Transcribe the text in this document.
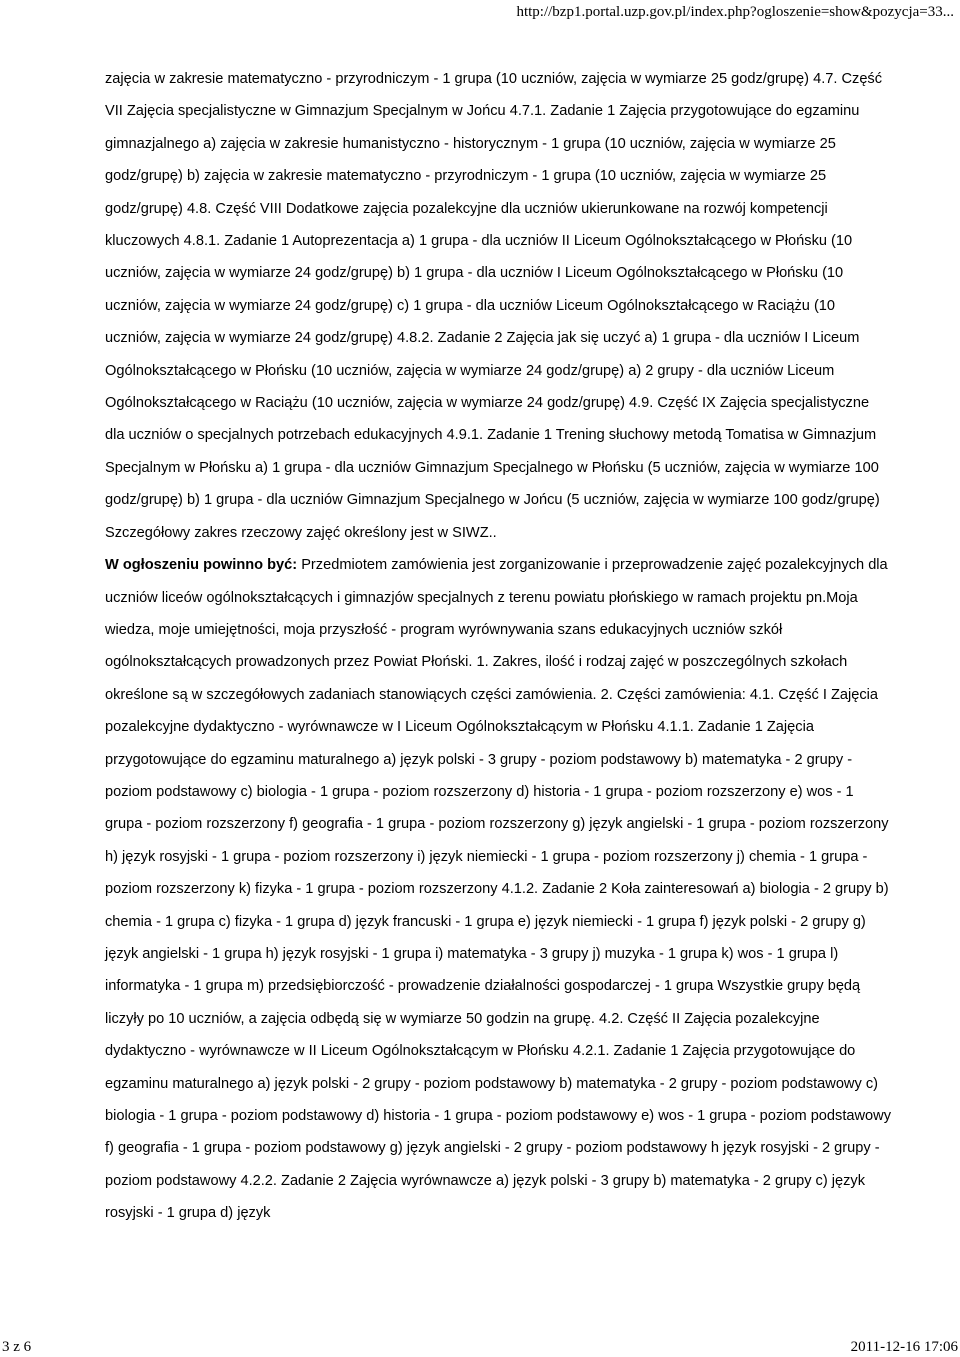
http://bzp1.portal.uzp.gov.pl/index.php?ogloszenie=show&pozycja=33...

zajęcia w zakresie matematyczno - przyrodniczym - 1 grupa (10 uczniów, zajęcia w wymiarze 25 godz/grupę) 4.7. Część VII Zajęcia specjalistyczne w Gimnazjum Specjalnym w Jońcu 4.7.1. Zadanie 1 Zajęcia przygotowujące do egzaminu gimnazjalnego a) zajęcia w zakresie humanistyczno - historycznym - 1 grupa (10 uczniów, zajęcia w wymiarze 25 godz/grupę) b) zajęcia w zakresie matematyczno - przyrodniczym - 1 grupa (10 uczniów, zajęcia w wymiarze 25 godz/grupę) 4.8. Część VIII Dodatkowe zajęcia pozalekcyjne dla uczniów ukierunkowane na rozwój kompetencji kluczowych 4.8.1. Zadanie 1 Autoprezentacja a) 1 grupa - dla uczniów II Liceum Ogólnokształcącego w Płońsku (10 uczniów, zajęcia w wymiarze 24 godz/grupę) b) 1 grupa - dla uczniów I Liceum Ogólnokształcącego w Płońsku (10 uczniów, zajęcia w wymiarze 24 godz/grupę) c) 1 grupa - dla uczniów Liceum Ogólnokształcącego w Raciążu (10 uczniów, zajęcia w wymiarze 24 godz/grupę) 4.8.2. Zadanie 2 Zajęcia jak się uczyć a) 1 grupa - dla uczniów I Liceum Ogólnokształcącego w Płońsku (10 uczniów, zajęcia w wymiarze 24 godz/grupę) a) 2 grupy - dla uczniów Liceum Ogólnokształcącego w Raciążu (10 uczniów, zajęcia w wymiarze 24 godz/grupę) 4.9. Część IX Zajęcia specjalistyczne dla uczniów o specjalnych potrzebach edukacyjnych 4.9.1. Zadanie 1 Trening słuchowy metodą Tomatisa w Gimnazjum Specjalnym w Płońsku a) 1 grupa - dla uczniów Gimnazjum Specjalnego w Płońsku (5 uczniów, zajęcia w wymiarze 100 godz/grupę) b) 1 grupa - dla uczniów Gimnazjum Specjalnego w Jońcu (5 uczniów, zajęcia w wymiarze 100 godz/grupę) Szczegółowy zakres rzeczowy zajęć określony jest w SIWZ..

W ogłoszeniu powinno być: Przedmiotem zamówienia jest zorganizowanie i przeprowadzenie zajęć pozalekcyjnych dla uczniów liceów ogólnokształcących i gimnazjów specjalnych z terenu powiatu płońskiego w ramach projektu pn.Moja wiedza, moje umiejętności, moja przyszłość - program wyrównywania szans edukacyjnych uczniów szkół ogólnokształcących prowadzonych przez Powiat Płoński. 1. Zakres, ilość i rodzaj zajęć w poszczególnych szkołach określone są w szczegółowych zadaniach stanowiących części zamówienia. 2. Części zamówienia: 4.1. Część I Zajęcia pozalekcyjne dydaktyczno - wyrównawcze w I Liceum Ogólnokształcącym w Płońsku 4.1.1. Zadanie 1 Zajęcia przygotowujące do egzaminu maturalnego a) język polski - 3 grupy - poziom podstawowy b) matematyka - 2 grupy - poziom podstawowy c) biologia - 1 grupa - poziom rozszerzony d) historia - 1 grupa - poziom rozszerzony e) wos - 1 grupa - poziom rozszerzony f) geografia - 1 grupa - poziom rozszerzony g) język angielski - 1 grupa - poziom rozszerzony h) język rosyjski - 1 grupa - poziom rozszerzony i) język niemiecki - 1 grupa - poziom rozszerzony j) chemia - 1 grupa - poziom rozszerzony k) fizyka - 1 grupa - poziom rozszerzony 4.1.2. Zadanie 2 Koła zainteresowań a) biologia - 2 grupy b) chemia - 1 grupa c) fizyka - 1 grupa d) język francuski - 1 grupa e) język niemiecki - 1 grupa f) język polski - 2 grupy g) język angielski - 1 grupa h) język rosyjski - 1 grupa i) matematyka - 3 grupy j) muzyka - 1 grupa k) wos - 1 grupa l) informatyka - 1 grupa m) przedsiębiorczość - prowadzenie działalności gospodarczej - 1 grupa Wszystkie grupy będą liczyły po 10 uczniów, a zajęcia odbędą się w wymiarze 50 godzin na grupę. 4.2. Część II Zajęcia pozalekcyjne dydaktyczno - wyrównawcze w II Liceum Ogólnokształcącym w Płońsku 4.2.1. Zadanie 1 Zajęcia przygotowujące do egzaminu maturalnego a) język polski - 2 grupy - poziom podstawowy b) matematyka - 2 grupy - poziom podstawowy c) biologia - 1 grupa - poziom podstawowy d) historia - 1 grupa - poziom podstawowy e) wos - 1 grupa - poziom podstawowy f) geografia - 1 grupa - poziom podstawowy g) język angielski - 2 grupy - poziom podstawowy h język rosyjski - 2 grupy - poziom podstawowy 4.2.2. Zadanie 2 Zajęcia wyrównawcze a) język polski - 3 grupy b) matematyka - 2 grupy c) język rosyjski - 1 grupa d) język

3 z 6	2011-12-16 17:06
